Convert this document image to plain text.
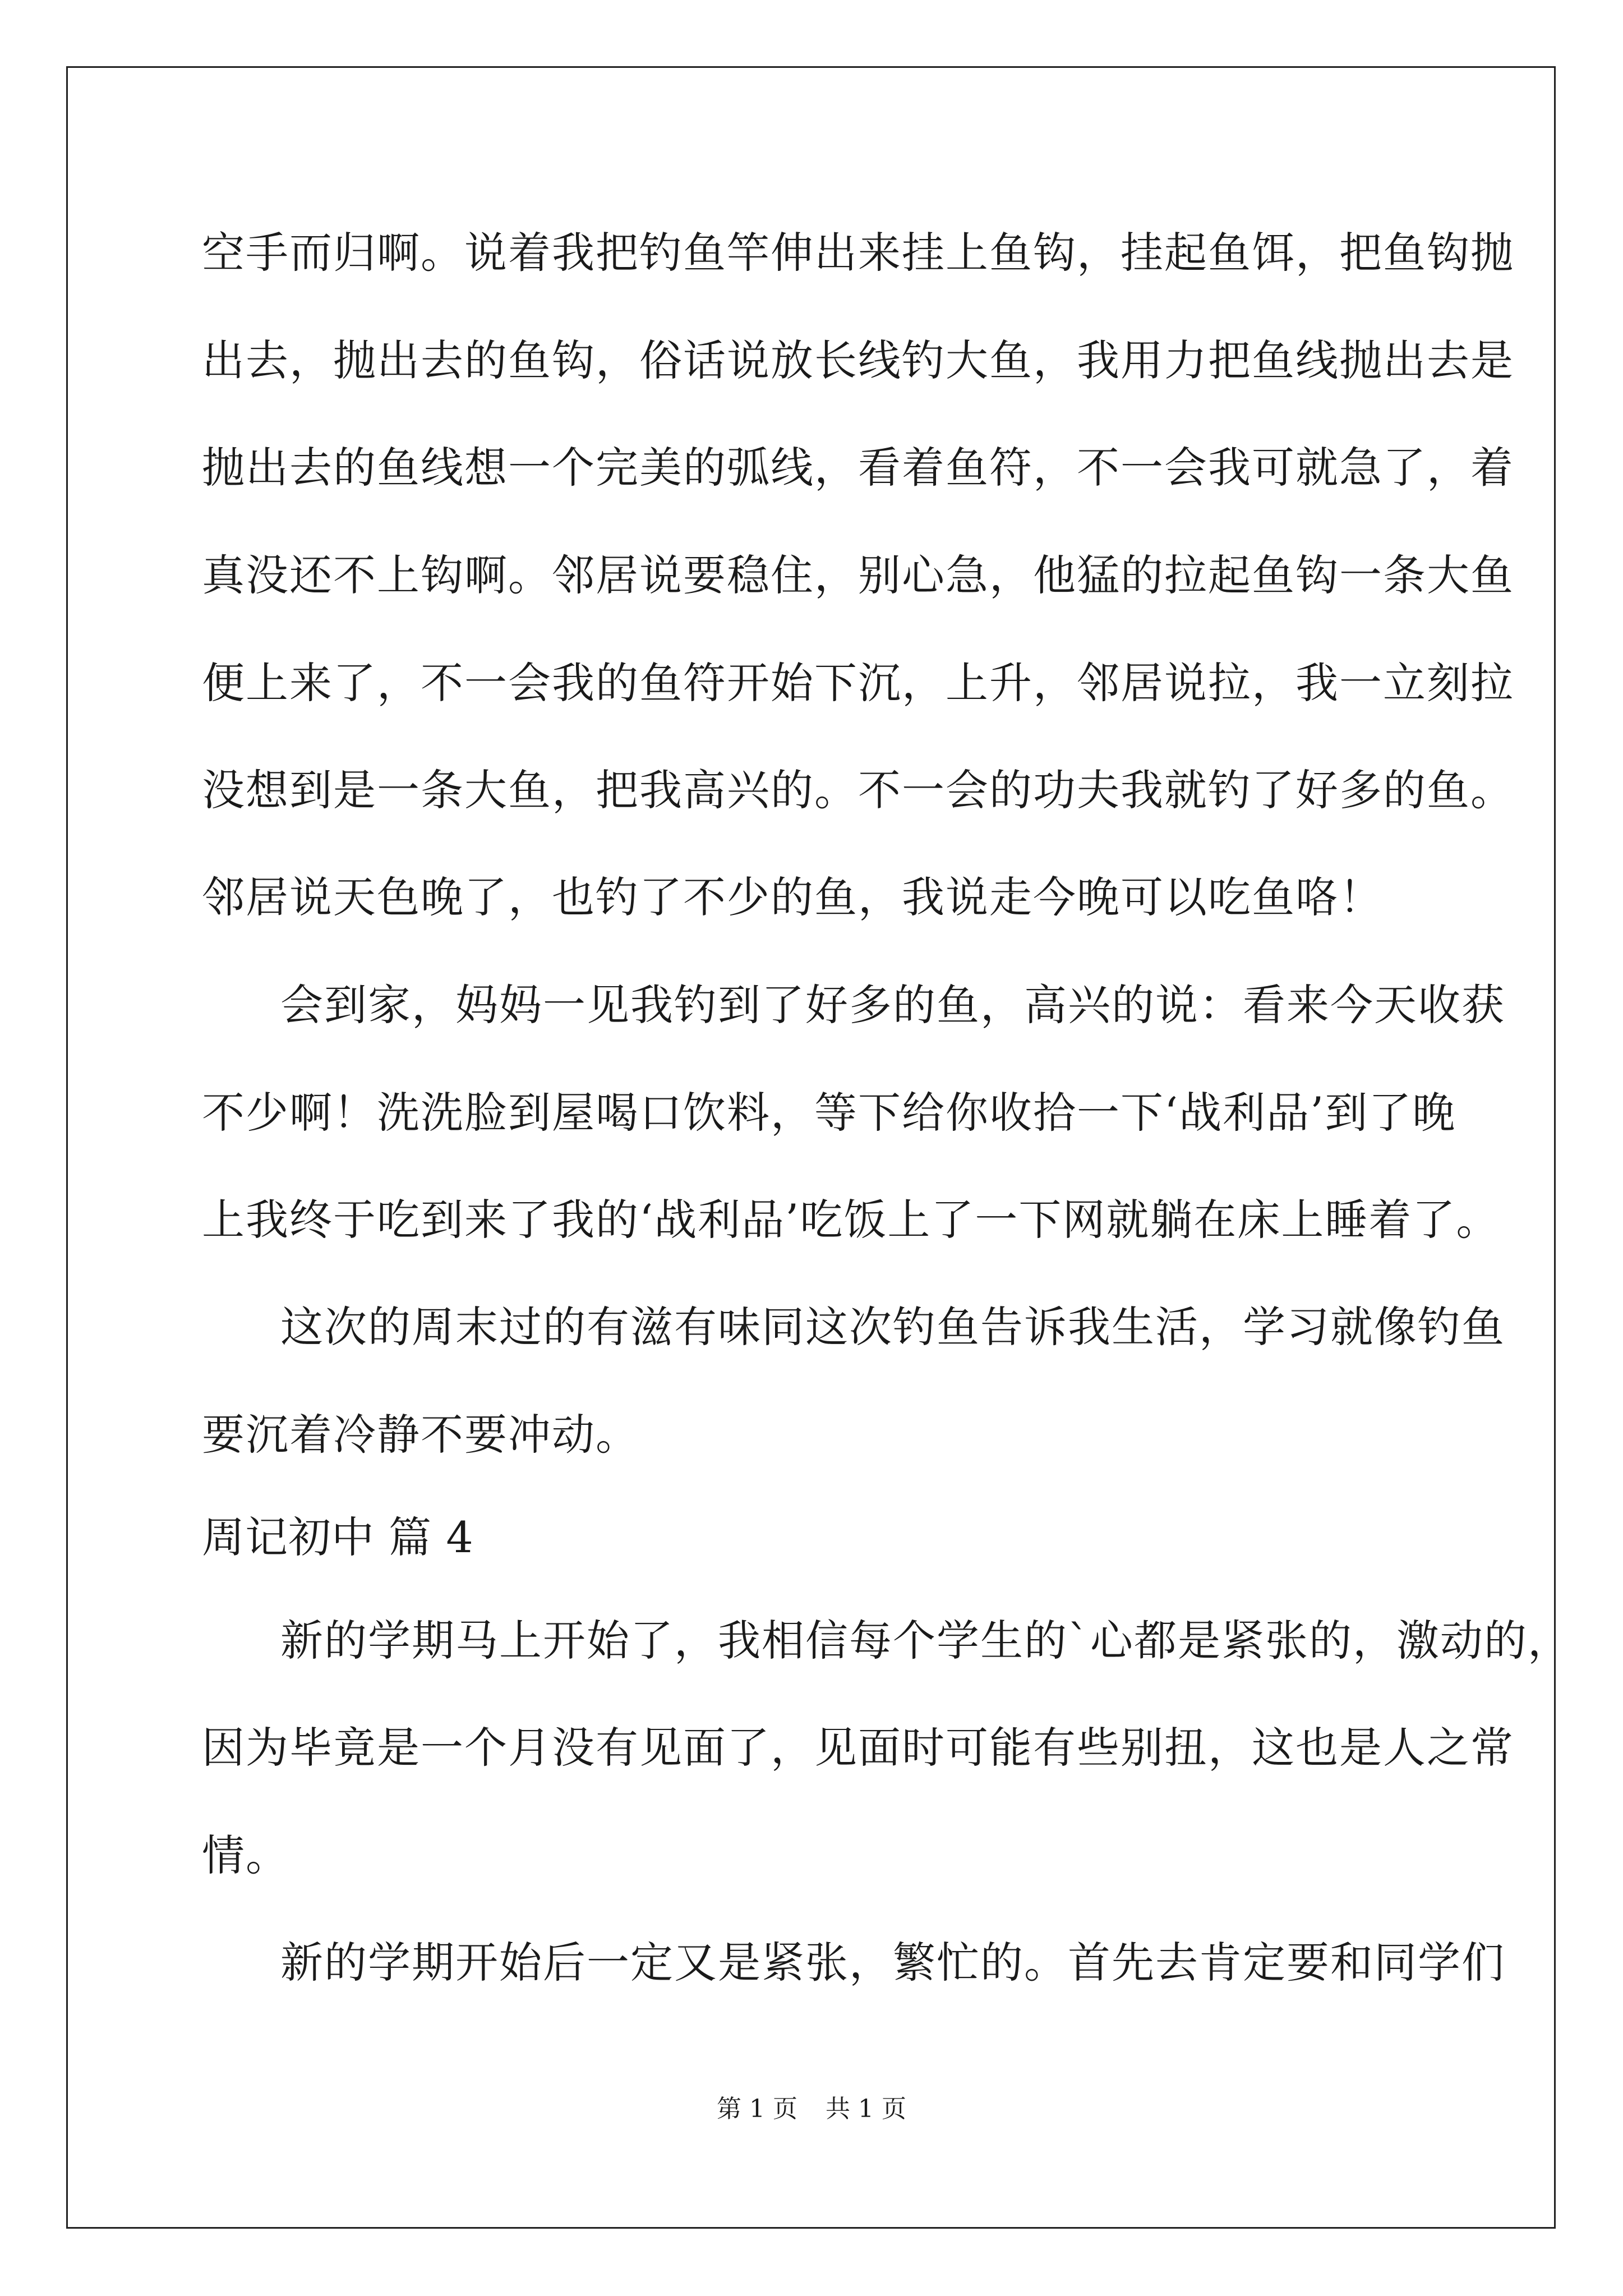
空手而归啊。说着我把钓鱼竿伸出来挂上鱼钩，挂起鱼饵，把鱼钩抛
出去，抛出去的鱼钩，俗话说放长线钓大鱼，我用力把鱼线抛出去是
抛出去的鱼线想一个完美的弧线，看着鱼符，不一会我可就急了，着
真没还不上钩啊。邻居说要稳住，别心急，他猛的拉起鱼钩一条大鱼
便上来了，不一会我的鱼符开始下沉，上升，邻居说拉，我一立刻拉
没想到是一条大鱼，把我高兴的。不一会的功夫我就钓了好多的鱼。
邻居说天色晚了，也钓了不少的鱼，我说走今晚可以吃鱼咯！
会到家，妈妈一见我钓到了好多的鱼，高兴的说：看来今天收获
不少啊！洗洗脸到屋喝口饮料，等下给你收拾一下‘战利品’到了晚
上我终于吃到来了我的‘战利品’吃饭上了一下网就躺在床上睡着了。
这次的周末过的有滋有味同这次钓鱼告诉我生活，学习就像钓鱼
要沉着冷静不要冲动。
周记初中 篇 4
新的学期马上开始了，我相信每个学生的`心都是紧张的，激动的，
因为毕竟是一个月没有见面了，见面时可能有些别扭，这也是人之常
情。
新的学期开始后一定又是紧张，繁忙的。首先去肯定要和同学们
第 1 页 共 1 页
